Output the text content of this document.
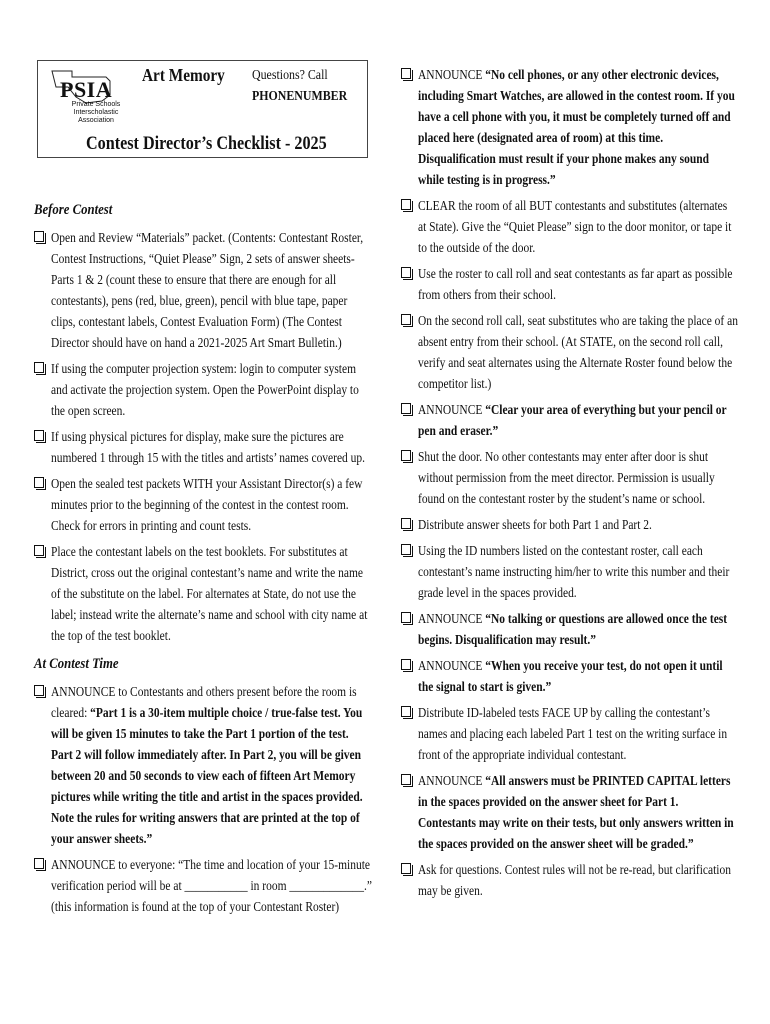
PSIA
Private Schools
Interscholastic
Association
Art Memory Questions? Call
PHONENUMBER
Contest Director’s Checklist - 2025
Before Contest
Open and Review “Materials” packet. (Contents: Contestant Roster, Contest Instructions, “Quiet Please” Sign, 2 sets of answer sheets-Parts 1 & 2 (count these to ensure that there are enough for all contestants), pens (red, blue, green), pencil with blue tape, paper clips, contestant labels, Contest Evaluation Form) (The Contest Director should have on hand a 2021-2025 Art Smart Bulletin.)
If using the computer projection system: login to computer system and activate the projection system. Open the PowerPoint display to the open screen.
If using physical pictures for display, make sure the pictures are numbered 1 through 15 with the titles and artists’ names covered up.
Open the sealed test packets WITH your Assistant Director(s) a few minutes prior to the beginning of the contest in the contest room. Check for errors in printing and count tests.
Place the contestant labels on the test booklets. For substitutes at District, cross out the original contestant’s name and write the name of the substitute on the label. For alternates at State, do not use the label; instead write the alternate’s name and school with city name at the top of the test booklet.
At Contest Time
ANNOUNCE to Contestants and others present before the room is cleared: “Part 1 is a 30-item multiple choice / true-false test. You will be given 15 minutes to take the Part 1 portion of the test. Part 2 will follow immediately after. In Part 2, you will be given between 20 and 50 seconds to view each of fifteen Art Memory pictures while writing the title and artist in the spaces provided. Note the rules for writing answers that are printed at the top of your answer sheets.”
ANNOUNCE to everyone: “The time and location of your 15-minute verification period will be at ___________ in room _____________.” (this information is found at the top of your Contestant Roster)
ANNOUNCE “No cell phones, or any other electronic devices, including Smart Watches, are allowed in the contest room. If you have a cell phone with you, it must be completely turned off and placed here (designated area of room) at this time. Disqualification must result if your phone makes any sound while testing is in progress.”
CLEAR the room of all BUT contestants and substitutes (alternates at State). Give the “Quiet Please” sign to the door monitor, or tape it to the outside of the door.
Use the roster to call roll and seat contestants as far apart as possible from others from their school.
On the second roll call, seat substitutes who are taking the place of an absent entry from their school. (At STATE, on the second roll call, verify and seat alternates using the Alternate Roster found below the competitor list.)
ANNOUNCE “Clear your area of everything but your pencil or pen and eraser.”
Shut the door. No other contestants may enter after door is shut without permission from the meet director. Permission is usually found on the contestant roster by the student’s name or school.
Distribute answer sheets for both Part 1 and Part 2.
Using the ID numbers listed on the contestant roster, call each contestant’s name instructing him/her to write this number and their grade level in the spaces provided.
ANNOUNCE “No talking or questions are allowed once the test begins. Disqualification may result.”
ANNOUNCE “When you receive your test, do not open it until the signal to start is given.”
Distribute ID-labeled tests FACE UP by calling the contestant’s names and placing each labeled Part 1 test on the writing surface in front of the appropriate individual contestant.
ANNOUNCE “All answers must be PRINTED CAPITAL letters in the spaces provided on the answer sheet for Part 1. Contestants may write on their tests, but only answers written in the spaces provided on the answer sheet will be graded.”
Ask for questions. Contest rules will not be re-read, but clarification may be given.
